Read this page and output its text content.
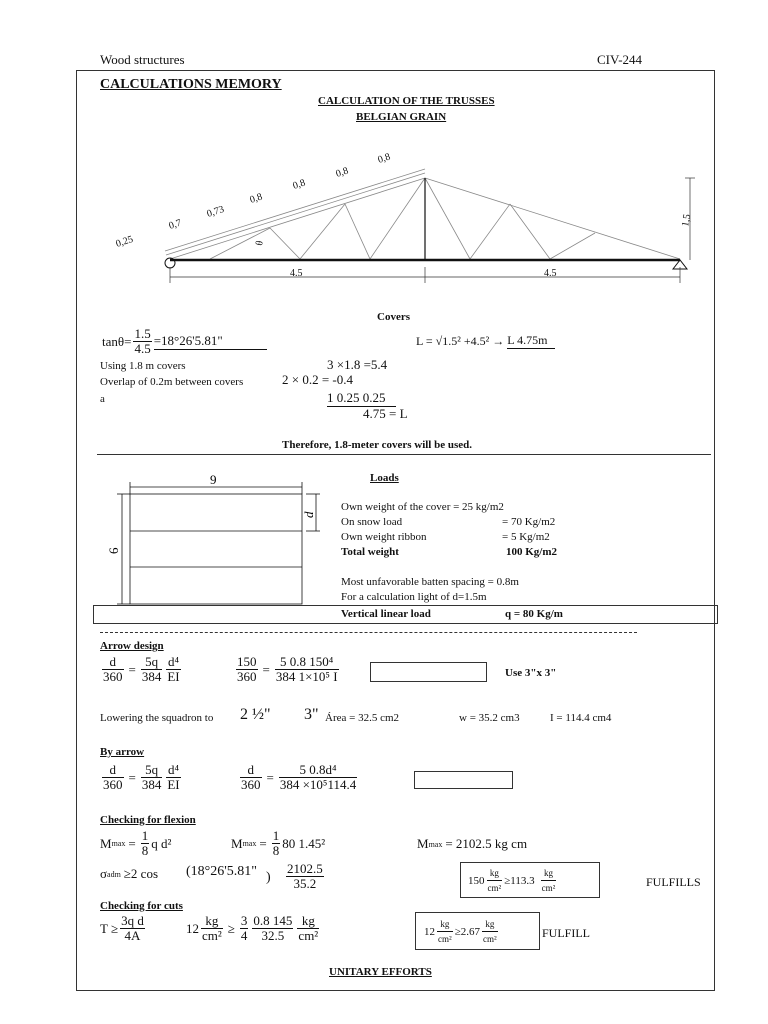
Wood structures	CIV-244
CALCULATIONS MEMORY
CALCULATION OF THE TRUSSES
BELGIAN GRAIN
0,25
0,7
0,73
0,8
0,8
0,8
0,8
θ
1,5
4.5	4.5
Covers
$\tan\theta= \frac{1.5}{4.5} =18^\circ 26'5.81$"	L = √1.5² +4.5² → L 4.75m
Using 1.8 m covers	3 ×1.8 =5.4
Overlap of 0.2m between covers	2 × 0.2 = -0.4
a	1 0.25 0.25
4.75 = L
Therefore, 1.8-meter covers will be used.
9
6
d
Loads
Own weight of the cover = 25 kg/m2
On snow load	= 70 Kg/m2
Own weight ribbon	= 5 Kg/m2
Total weight	100 Kg/m2
Most unfavorable batten spacing = 0.8m
For a calculation light of d=1.5m
Vertical linear load	q = 80 Kg/m
Arrow design
$\frac{d}{360} = \frac{5q}{384} \frac{\text{d⁴}}{EI}$	$\frac{150}{360} = \frac{\text{5 0.8 150⁴}}{\text{384 1×10⁵ I}}$	Use 3"x 3"
Lowering the squadron to 2 ½" 3" Área = 32.5 cm2	w = 35.2 cm3	I = 114.4 cm4
By arrow
$\frac{d}{360} = \frac{5q}{384} \frac{\text{d⁴}}{EI}$	$\frac{d}{360} = \frac{\text{5 0.8d⁴}}{\text{384 ×10⁵114.4}}$
Checking for flexion
M $\max = \frac{1}{8}$ q d²	M $\max = \frac{1}{8} 80$ 1.45²	M max = 2102.5 kg cm
σ adm ≥2 cos (18°26'5.81" ) $\frac{2102.5}{35.2}$	$150 \frac{kg}{\text{cm²}} \ge 113.3 \frac{kg}{\text{cm²}}$	FULFILLS
Checking for cuts
$T \ge \frac{\text{3q d}}{4A}$	$12 \frac{kg}{\text{cm²}} \ge \frac{3}{4} \frac{0.8 145}{32.5} \frac{kg}{\text{cm²}}$	$12 \frac{kg}{\text{cm²}} \ge 2.67 \frac{kg}{\text{cm²}}$	FULFILL
UNITARY EFFORTS
